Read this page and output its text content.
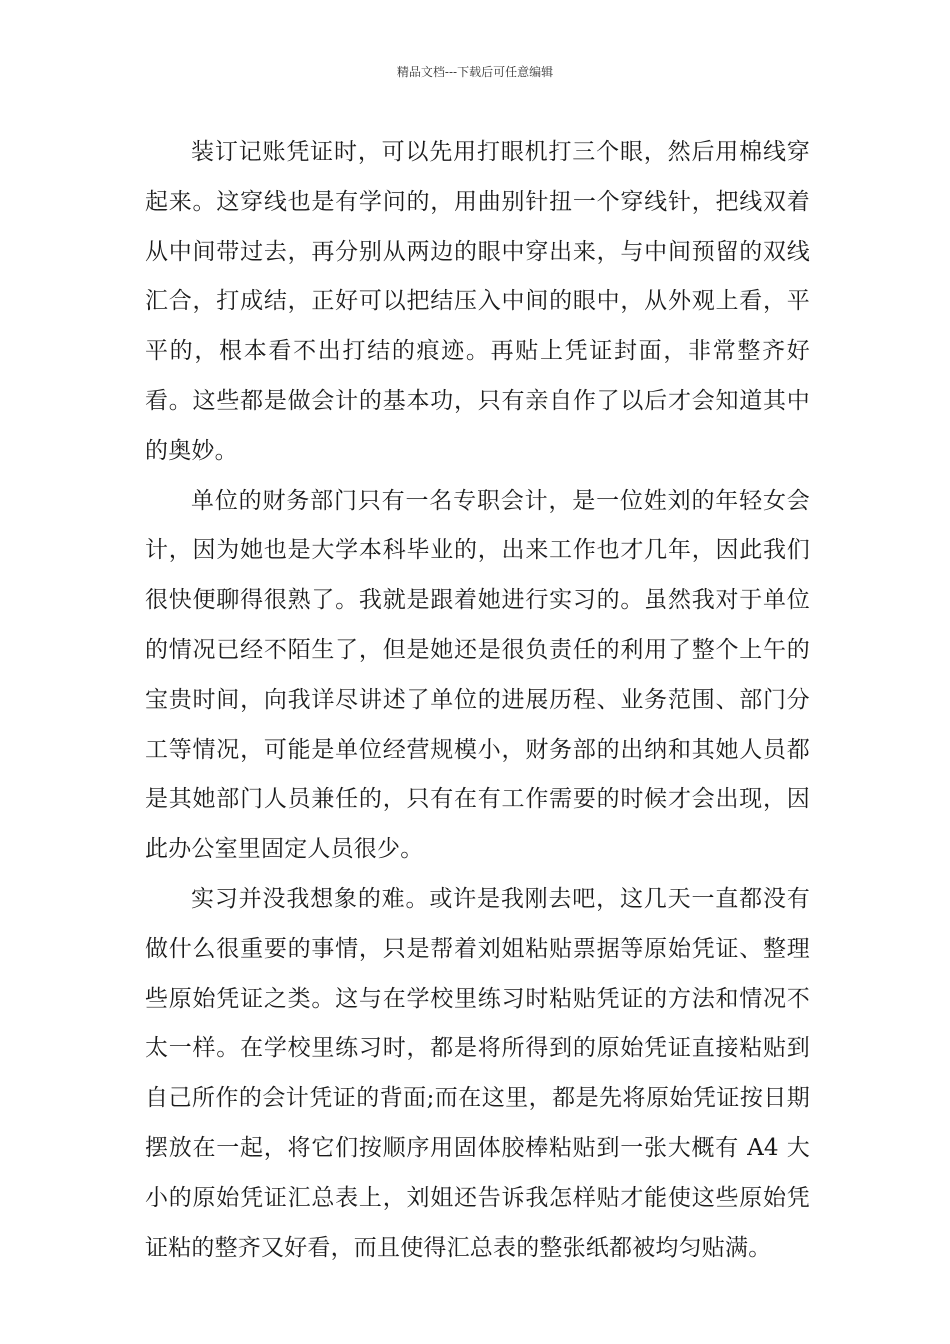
精品文档---下载后可任意编辑

装订记账凭证时，可以先用打眼机打三个眼，然后用棉线穿起来。这穿线也是有学问的，用曲别针扭一个穿线针，把线双着从中间带过去，再分别从两边的眼中穿出来，与中间预留的双线汇合，打成结，正好可以把结压入中间的眼中，从外观上看，平平的，根本看不出打结的痕迹。再贴上凭证封面，非常整齐好看。这些都是做会计的基本功，只有亲自作了以后才会知道其中的奥妙。

单位的财务部门只有一名专职会计，是一位姓刘的年轻女会计，因为她也是大学本科毕业的，出来工作也才几年，因此我们很快便聊得很熟了。我就是跟着她进行实习的。虽然我对于单位的情况已经不陌生了，但是她还是很负责任的利用了整个上午的宝贵时间，向我详尽讲述了单位的进展历程、业务范围、部门分工等情况，可能是单位经营规模小，财务部的出纳和其她人员都是其她部门人员兼任的，只有在有工作需要的时候才会出现，因此办公室里固定人员很少。

实习并没我想象的难。或许是我刚去吧，这几天一直都没有做什么很重要的事情，只是帮着刘姐粘贴票据等原始凭证、整理些原始凭证之类。这与在学校里练习时粘贴凭证的方法和情况不太一样。在学校里练习时，都是将所得到的原始凭证直接粘贴到自己所作的会计凭证的背面;而在这里，都是先将原始凭证按日期摆放在一起，将它们按顺序用固体胶棒粘贴到一张大概有 A4 大小的原始凭证汇总表上，刘姐还告诉我怎样贴才能使这些原始凭证粘的整齐又好看，而且使得汇总表的整张纸都被均匀贴满。
